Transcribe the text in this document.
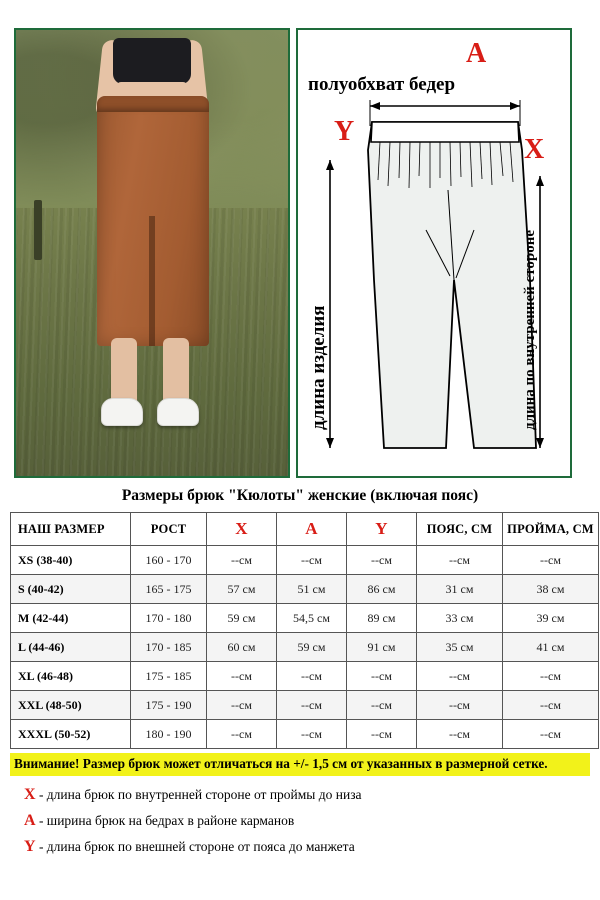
A
полуобхват бедер
Y
длина изделия
X
длина по внутренней стороне
Размеры брюк "Кюлоты" женские (включая пояс)
НАШ РАЗМЕР	РОСТ	X	A	Y	ПОЯС, СМ	ПРОЙМА, СМ
XS (38-40)	160 - 170	--см	--см	--см	--см	--см
S (40-42)	165 - 175	57 см	51 см	86 см	31 см	38 см
M (42-44)	170 - 180	59 см	54,5 см	89 см	33 см	39 см
L (44-46)	170 - 185	60 см	59 см	91 см	35 см	41 см
XL (46-48)	175 - 185	--см	--см	--см	--см	--см
XXL (48-50)	175 - 190	--см	--см	--см	--см	--см
XXXL (50-52)	180 - 190	--см	--см	--см	--см	--см
Внимание! Размер брюк может отличаться на +/- 1,5 см от указанных в размерной сетке.
X - длина брюк по внутренней стороне от проймы до низа
A - ширина брюк на бедрах в районе карманов
Y - длина брюк по внешней стороне от пояса до манжета
